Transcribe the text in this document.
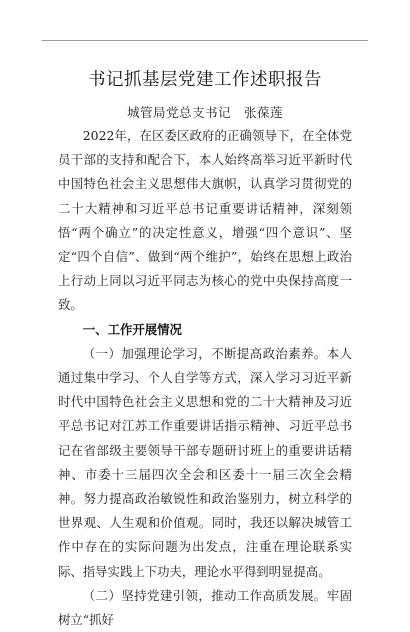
书记抓基层党建工作述职报告
城管局党总支书记　张葆莲

2022年，在区委区政府的正确领导下，在全体党员干部的支持和配合下，本人始终高举习近平新时代中国特色社会主义思想伟大旗帜，认真学习贯彻党的二十大精神和习近平总书记重要讲话精神，深刻领悟“两个确立”的决定性意义，增强“四个意识”、坚定“四个自信”、做到“两个维护”，始终在思想上政治上行动上同以习近平同志为核心的党中央保持高度一致。

一、工作开展情况

（一）加强理论学习，不断提高政治素养。本人通过集中学习、个人自学等方式，深入学习习近平新时代中国特色社会主义思想和党的二十大精神及习近平总书记对江苏工作重要讲话指示精神、习近平总书记在省部级主要领导干部专题研讨班上的重要讲话精神、市委十三届四次全会和区委十一届三次全会精神。努力提高政治敏锐性和政治鉴别力，树立科学的世界观、人生观和价值观。同时，我还以解决城管工作中存在的实际问题为出发点，注重在理论联系实际、指导实践上下功夫，理论水平得到明显提高。

（二）坚持党建引领，推动工作高质发展。牢固树立“抓好
